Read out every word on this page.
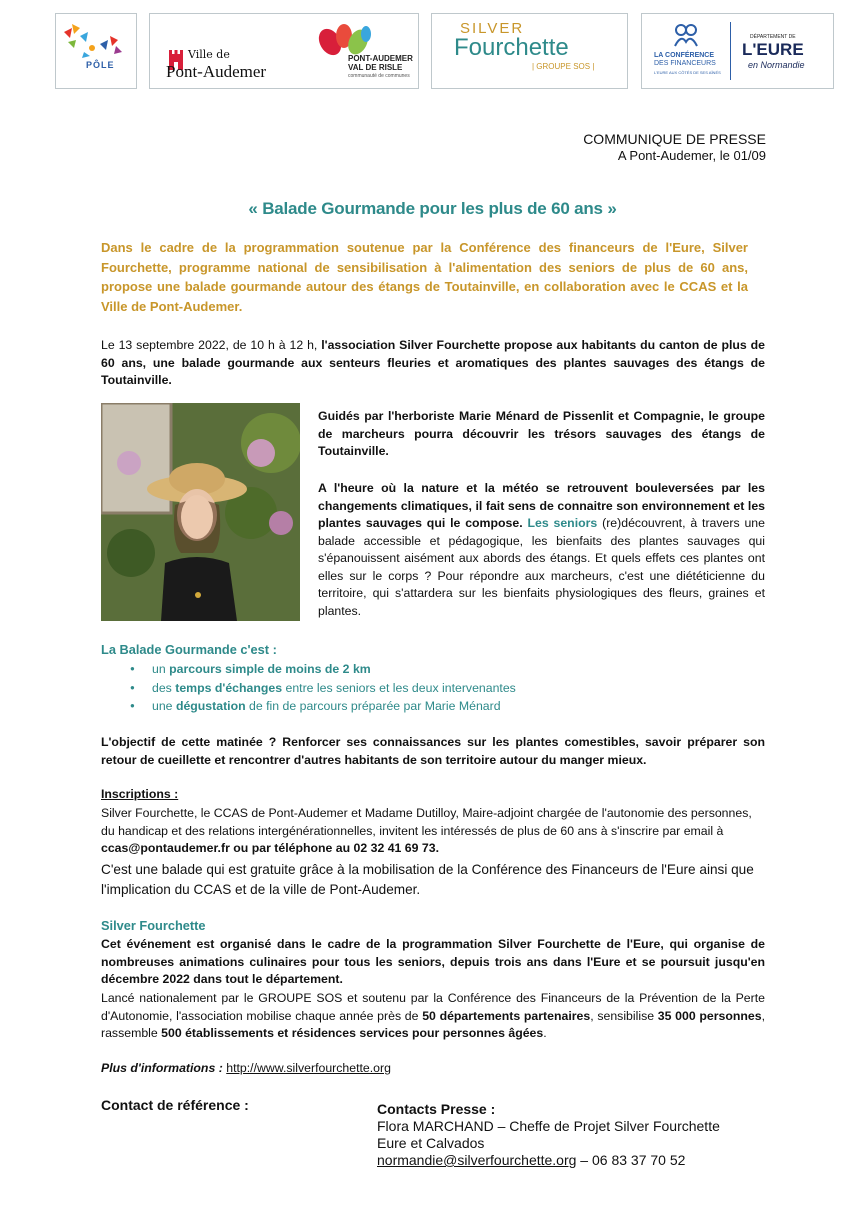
PÔLE
Ville de
Pont-Audemer
PONT-AUDEMER
VAL DE RISLE
communauté de communes
SILVER
Fourchette
| GROUPE SOS |
LA CONFÉRENCE
DES FINANCEURS
L'EURE AUX CÔTÉS DE SES AÎNÉS
DÉPARTEMENT DE
L'EURE
en Normandie
COMMUNIQUE DE PRESSE
A Pont-Audemer, le 01/09
« Balade Gourmande pour les plus de 60 ans »

Dans le cadre de la programmation soutenue par la Conférence des financeurs de l'Eure, Silver Fourchette, programme national de sensibilisation à l'alimentation des seniors de plus de 60 ans, propose une balade gourmande autour des étangs de Toutainville, en collaboration avec le CCAS et la Ville de Pont-Audemer.

Le 13 septembre 2022, de 10 h à 12 h, l'association Silver Fourchette propose aux habitants du canton de plus de 60 ans, une balade gourmande aux senteurs fleuries et aromatiques des plantes sauvages des étangs de Toutainville.

Guidés par l'herboriste Marie Ménard de Pissenlit et Compagnie, le groupe de marcheurs pourra découvrir les trésors sauvages des étangs de Toutainville.

A l'heure où la nature et la météo se retrouvent bouleversées par les changements climatiques, il fait sens de connaitre son environnement et les plantes sauvages qui le compose. Les seniors (re)découvrent, à travers une balade accessible et pédagogique, les bienfaits des plantes sauvages qui s'épanouissent aisément aux abords des étangs. Et quels effets ces plantes ont elles sur le corps ? Pour répondre aux marcheurs, c'est une diététicienne du territoire, qui s'attardera sur les bienfaits physiologiques des fleurs, graines et plantes.

La Balade Gourmande c'est :
● un parcours simple de moins de 2 km
● des temps d'échanges entre les seniors et les deux intervenantes
● une dégustation de fin de parcours préparée par Marie Ménard

L'objectif de cette matinée ? Renforcer ses connaissances sur les plantes comestibles, savoir préparer son retour de cueillette et rencontrer d'autres habitants de son territoire autour du manger mieux.

Inscriptions :

Silver Fourchette, le CCAS de Pont-Audemer et Madame Dutilloy, Maire-adjoint chargée de l'autonomie des personnes, du handicap et des relations intergénérationnelles, invitent les intéressés de plus de 60 ans à s'inscrire par email à ccas@pontaudemer.fr ou par téléphone au 02 32 41 69 73.

C'est une balade qui est gratuite grâce à la mobilisation de la Conférence des Financeurs de l'Eure ainsi que l'implication du CCAS et de la ville de Pont-Audemer.

Silver Fourchette

Cet événement est organisé dans le cadre de la programmation Silver Fourchette de l'Eure, qui organise de nombreuses animations culinaires pour tous les seniors, depuis trois ans dans l'Eure et se poursuit jusqu'en décembre 2022 dans tout le département.

Lancé nationalement par le GROUPE SOS et soutenu par la Conférence des Financeurs de la Prévention de la Perte d'Autonomie, l'association mobilise chaque année près de 50 départements partenaires, sensibilise 35 000 personnes, rassemble 500 établissements et résidences services pour personnes âgées.

Plus d'informations : http://www.silverfourchette.org
Contact de référence :	Contacts Presse :
Flora MARCHAND – Cheffe de Projet Silver Fourchette
Eure et Calvados
normandie@silverfourchette.org – 06 83 37 70 52
